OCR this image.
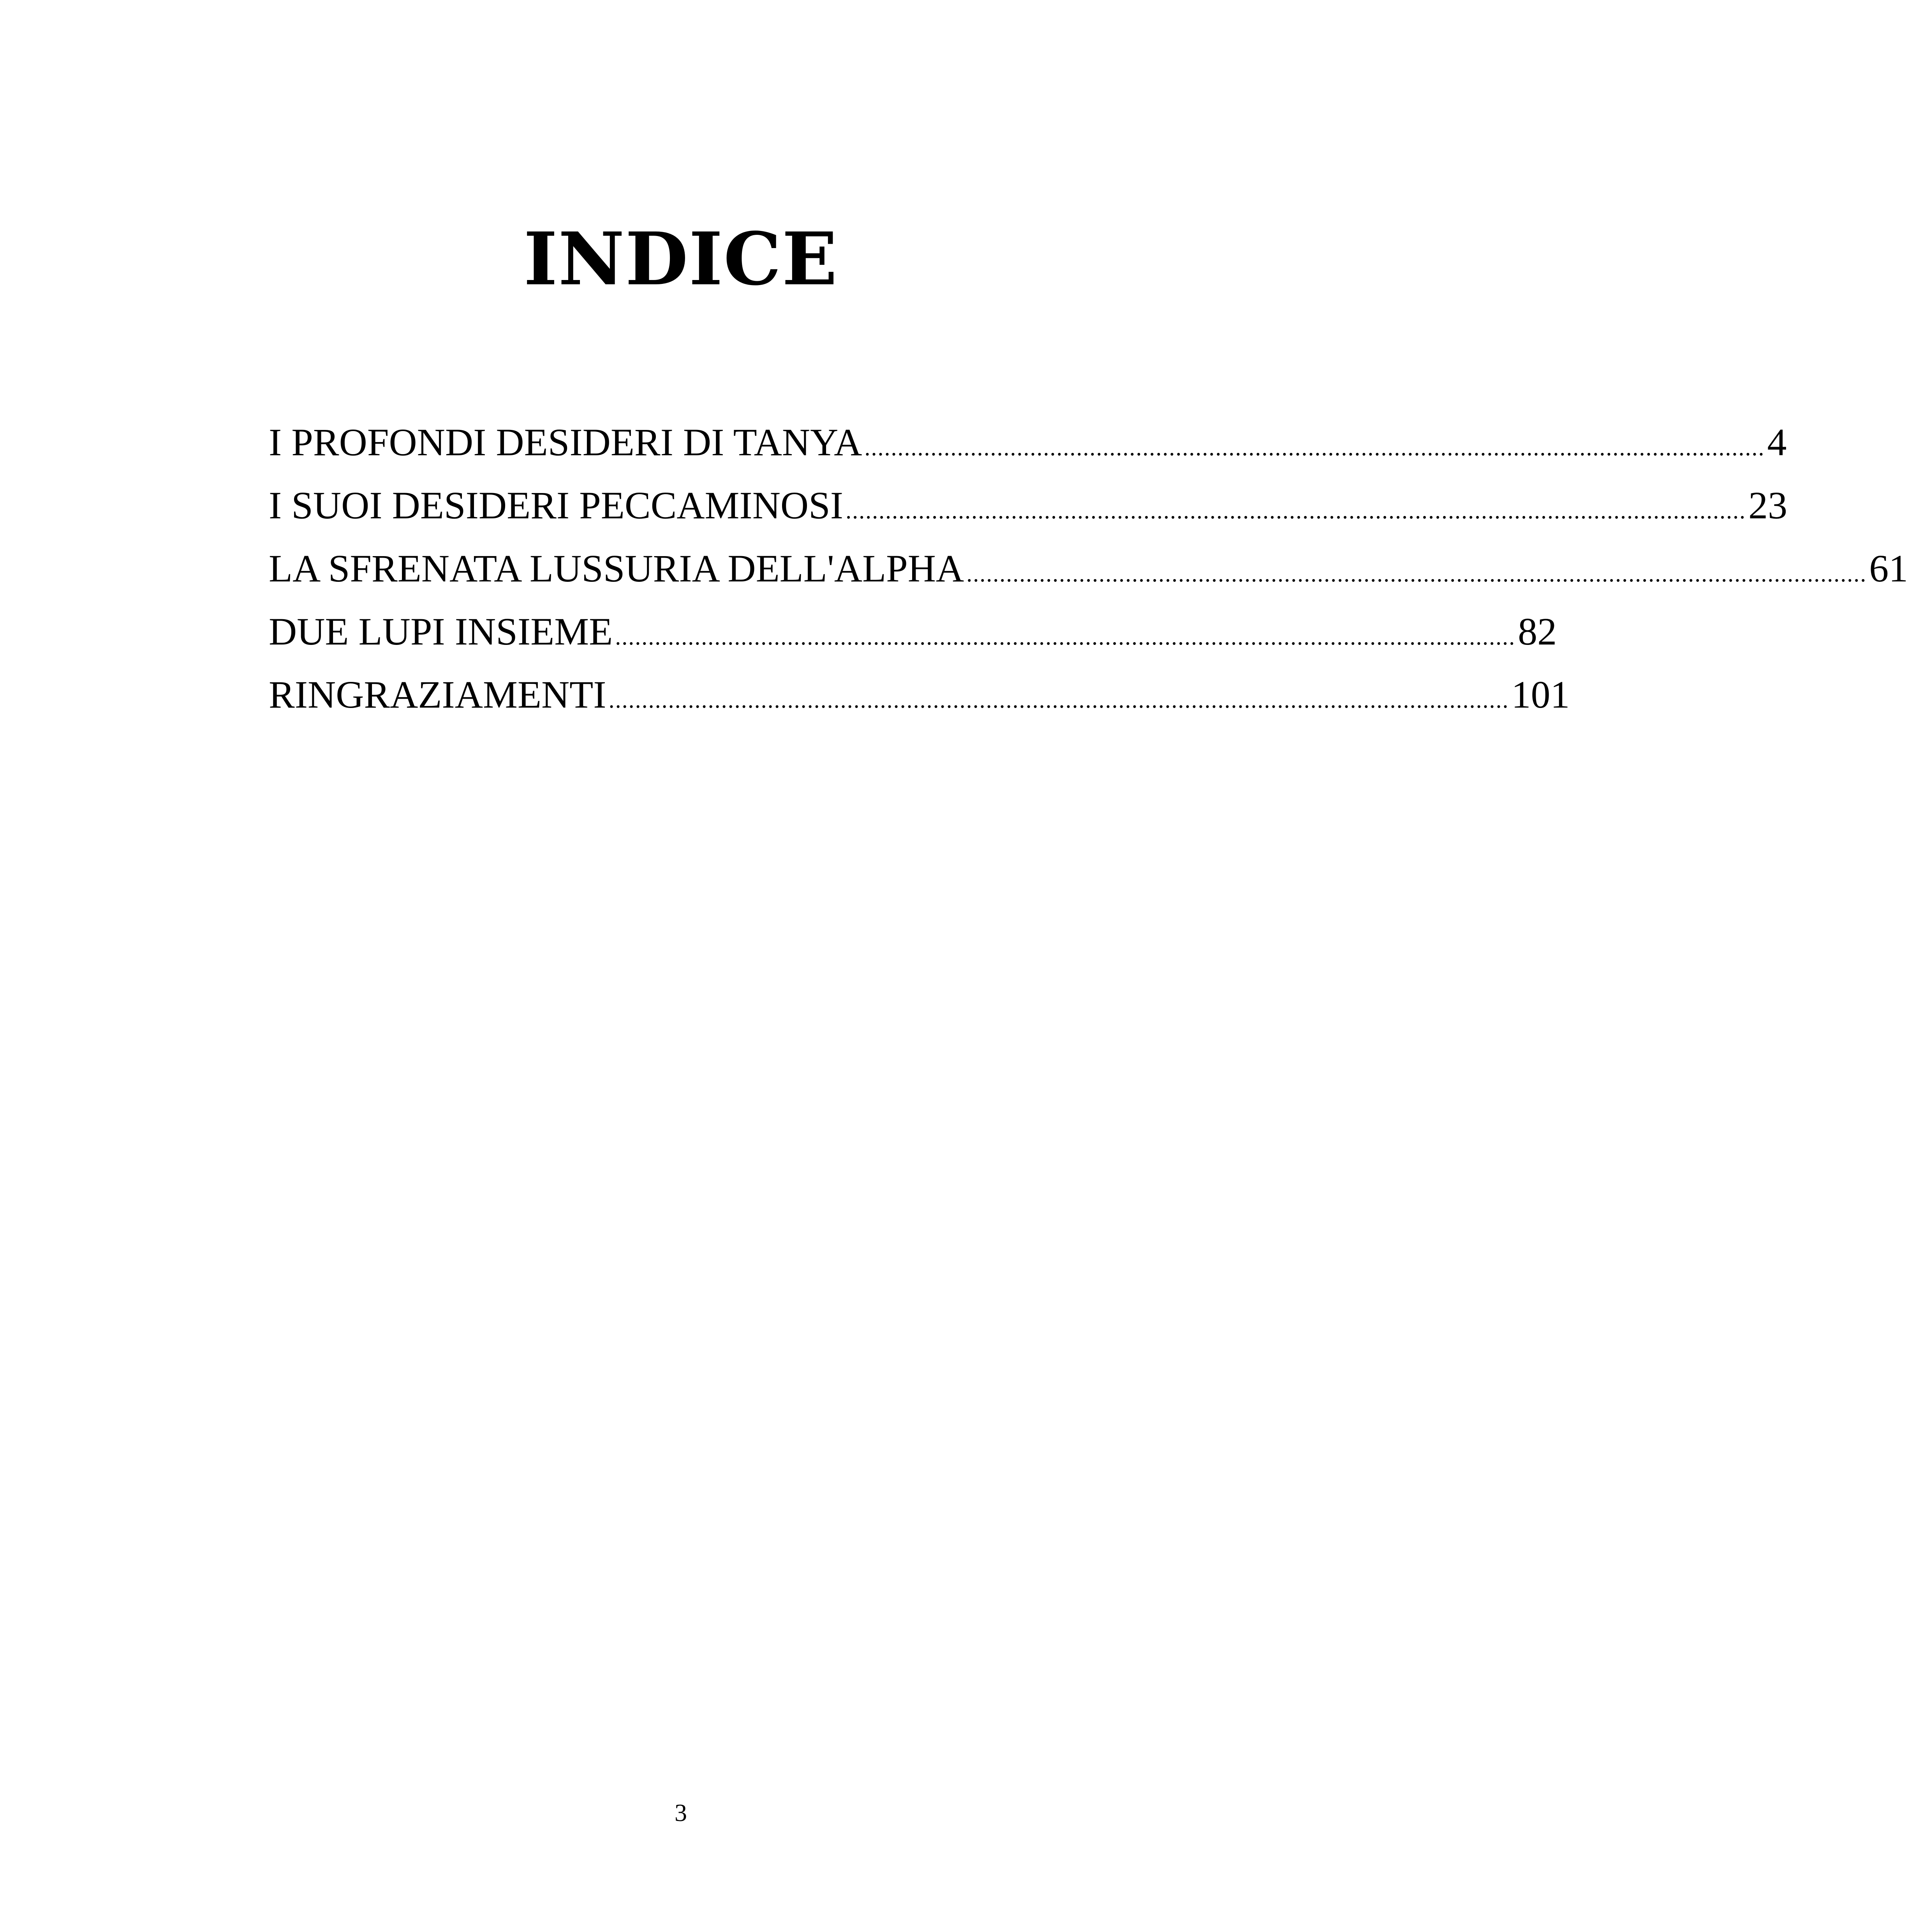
INDICE
I PROFONDI DESIDERI DI TANYA ........................................................................................................................................ 4
I SUOI DESIDERI PECCAMINOSI ........................................................................................................................................ 23
LA SFRENATA LUSSURIA DELL'ALPHA ........................................................................................................................................ 61
DUE LUPI INSIEME ........................................................................................................................................ 82
RINGRAZIAMENTI ........................................................................................................................................ 101
3
